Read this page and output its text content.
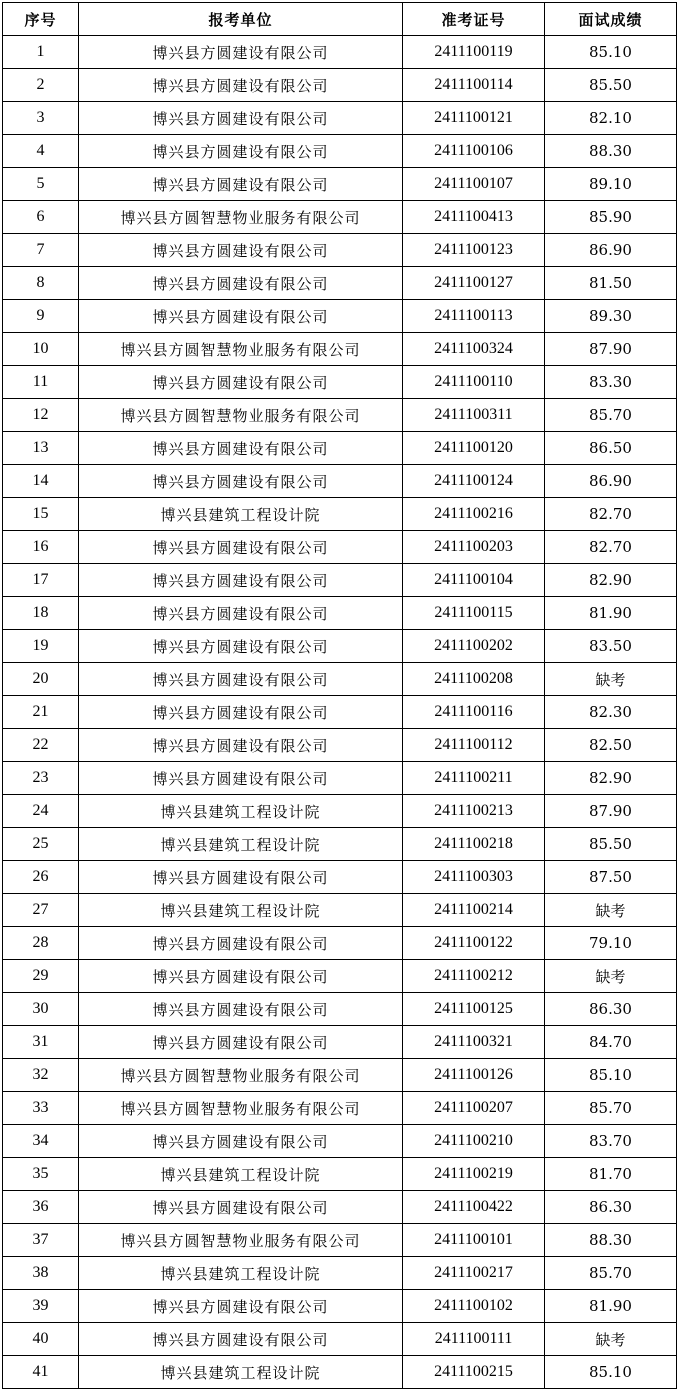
序号	报考单位	准考证号	面试成绩
1	博兴县方圆建设有限公司	2411100119	85.10
2	博兴县方圆建设有限公司	2411100114	85.50
3	博兴县方圆建设有限公司	2411100121	82.10
4	博兴县方圆建设有限公司	2411100106	88.30
5	博兴县方圆建设有限公司	2411100107	89.10
6	博兴县方圆智慧物业服务有限公司	2411100413	85.90
7	博兴县方圆建设有限公司	2411100123	86.90
8	博兴县方圆建设有限公司	2411100127	81.50
9	博兴县方圆建设有限公司	2411100113	89.30
10	博兴县方圆智慧物业服务有限公司	2411100324	87.90
11	博兴县方圆建设有限公司	2411100110	83.30
12	博兴县方圆智慧物业服务有限公司	2411100311	85.70
13	博兴县方圆建设有限公司	2411100120	86.50
14	博兴县方圆建设有限公司	2411100124	86.90
15	博兴县建筑工程设计院	2411100216	82.70
16	博兴县方圆建设有限公司	2411100203	82.70
17	博兴县方圆建设有限公司	2411100104	82.90
18	博兴县方圆建设有限公司	2411100115	81.90
19	博兴县方圆建设有限公司	2411100202	83.50
20	博兴县方圆建设有限公司	2411100208	缺考
21	博兴县方圆建设有限公司	2411100116	82.30
22	博兴县方圆建设有限公司	2411100112	82.50
23	博兴县方圆建设有限公司	2411100211	82.90
24	博兴县建筑工程设计院	2411100213	87.90
25	博兴县建筑工程设计院	2411100218	85.50
26	博兴县方圆建设有限公司	2411100303	87.50
27	博兴县建筑工程设计院	2411100214	缺考
28	博兴县方圆建设有限公司	2411100122	79.10
29	博兴县方圆建设有限公司	2411100212	缺考
30	博兴县方圆建设有限公司	2411100125	86.30
31	博兴县方圆建设有限公司	2411100321	84.70
32	博兴县方圆智慧物业服务有限公司	2411100126	85.10
33	博兴县方圆智慧物业服务有限公司	2411100207	85.70
34	博兴县方圆建设有限公司	2411100210	83.70
35	博兴县建筑工程设计院	2411100219	81.70
36	博兴县方圆建设有限公司	2411100422	86.30
37	博兴县方圆智慧物业服务有限公司	2411100101	88.30
38	博兴县建筑工程设计院	2411100217	85.70
39	博兴县方圆建设有限公司	2411100102	81.90
40	博兴县方圆建设有限公司	2411100111	缺考
41	博兴县建筑工程设计院	2411100215	85.10
